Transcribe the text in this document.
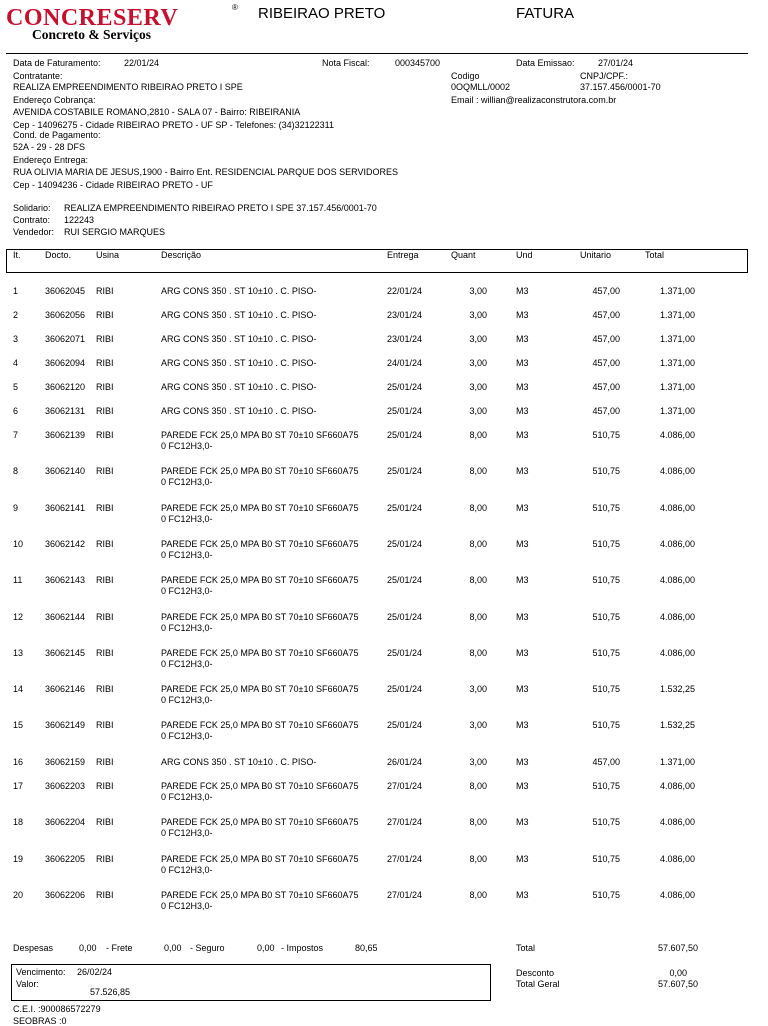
CONCRESERV	®
Concreto & Serviços
RIBEIRAO PRETO	FATURA
Data de Faturamento:	22/01/24	Nota Fiscal:	000345700	Data Emissao:	27/01/24
Contratante:	Codigo	CNPJ/CPF.:
REALIZA EMPREENDIMENTO RIBEIRAO PRETO I SPE	0OQMLL/0002	37.157.456/0001-70
Endereço Cobrança:	Email : willian@realizaconstrutora.com.br
AVENIDA COSTABILE ROMANO,2810 - SALA 07 - Bairro: RIBEIRANIA
Cep - 14096275 - Cidade RIBEIRAO PRETO - UF SP - Telefones: (34)32122311
Cond. de Pagamento:
52A - 29 - 28 DFS
Endereço Entrega:
RUA OLIVIA MARIA DE JESUS,1900 - Bairro Ent. RESIDENCIAL PARQUE DOS SERVIDORES
Cep - 14094236 - Cidade RIBEIRAO PRETO - UF
Solidario: REALIZA EMPREENDIMENTO RIBEIRAO PRETO I SPE 37.157.456/0001-70
Contrato: 122243
Vendedor: RUI SERGIO MARQUES
It.	Docto.	Usina	Descrição	Entrega	Quant	Und	Unitario	Total
1	36062045 RIBI	ARG CONS 350 . ST 10±10 . C. PISO-	22/01/24	3,00	M3	457,00	1.371,00
2	36062056 RIBI	ARG CONS 350 . ST 10±10 . C. PISO-	23/01/24	3,00	M3	457,00	1.371,00
3	36062071 RIBI	ARG CONS 350 . ST 10±10 . C. PISO-	23/01/24	3,00	M3	457,00	1.371,00
4	36062094 RIBI	ARG CONS 350 . ST 10±10 . C. PISO-	24/01/24	3,00	M3	457,00	1.371,00
5	36062120 RIBI	ARG CONS 350 . ST 10±10 . C. PISO-	25/01/24	3,00	M3	457,00	1.371,00
6	36062131 RIBI	ARG CONS 350 . ST 10±10 . C. PISO-	25/01/24	3,00	M3	457,00	1.371,00
7	36062139 RIBI	PAREDE FCK 25,0 MPA B0 ST 70±10 SF660A75	25/01/24	8,00	M3	510,75	4.086,00
0 FC12H3,0-
8	36062140 RIBI	PAREDE FCK 25,0 MPA B0 ST 70±10 SF660A75	25/01/24	8,00	M3	510,75	4.086,00
0 FC12H3,0-
9	36062141 RIBI	PAREDE FCK 25,0 MPA B0 ST 70±10 SF660A75	25/01/24	8,00	M3	510,75	4.086,00
0 FC12H3,0-
10 36062142 RIBI	PAREDE FCK 25,0 MPA B0 ST 70±10 SF660A75	25/01/24	8,00	M3	510,75	4.086,00
0 FC12H3,0-
11	36062143 RIBI	PAREDE FCK 25,0 MPA B0 ST 70±10 SF660A75	25/01/24	8,00	M3	510,75	4.086,00
0 FC12H3,0-
12 36062144 RIBI	PAREDE FCK 25,0 MPA B0 ST 70±10 SF660A75	25/01/24	8,00	M3	510,75	4.086,00
0 FC12H3,0-
13 36062145 RIBI	PAREDE FCK 25,0 MPA B0 ST 70±10 SF660A75	25/01/24	8,00	M3	510,75	4.086,00
0 FC12H3,0-
14 36062146 RIBI	PAREDE FCK 25,0 MPA B0 ST 70±10 SF660A75	25/01/24	3,00	M3	510,75	1.532,25
0 FC12H3,0-
15 36062149 RIBI	PAREDE FCK 25,0 MPA B0 ST 70±10 SF660A75	25/01/24	3,00	M3	510,75	1.532,25
0 FC12H3,0-
16 36062159 RIBI	ARG CONS 350 . ST 10±10 . C. PISO-	26/01/24	3,00	M3	457,00	1.371,00
17 36062203 RIBI	PAREDE FCK 25,0 MPA B0 ST 70±10 SF660A75	27/01/24	8,00	M3	510,75	4.086,00
0 FC12H3,0-
18 36062204 RIBI	PAREDE FCK 25,0 MPA B0 ST 70±10 SF660A75	27/01/24	8,00	M3	510,75	4.086,00
0 FC12H3,0-
19 36062205 RIBI	PAREDE FCK 25,0 MPA B0 ST 70±10 SF660A75	27/01/24	8,00	M3	510,75	4.086,00
0 FC12H3,0-
20 36062206 RIBI	PAREDE FCK 25,0 MPA B0 ST 70±10 SF660A75	27/01/24	8,00	M3	510,75	4.086,00
0 FC12H3,0-
Despesas	0,00 - Frete	0,00 - Seguro	0,00 - Impostos	80,65	Total	57.607,50
Vencimento: 26/02/24
Valor:
57.526,85
Desconto	0,00
Total Geral	57.607,50
C.E.I. :900086572279
SEOBRAS :0
